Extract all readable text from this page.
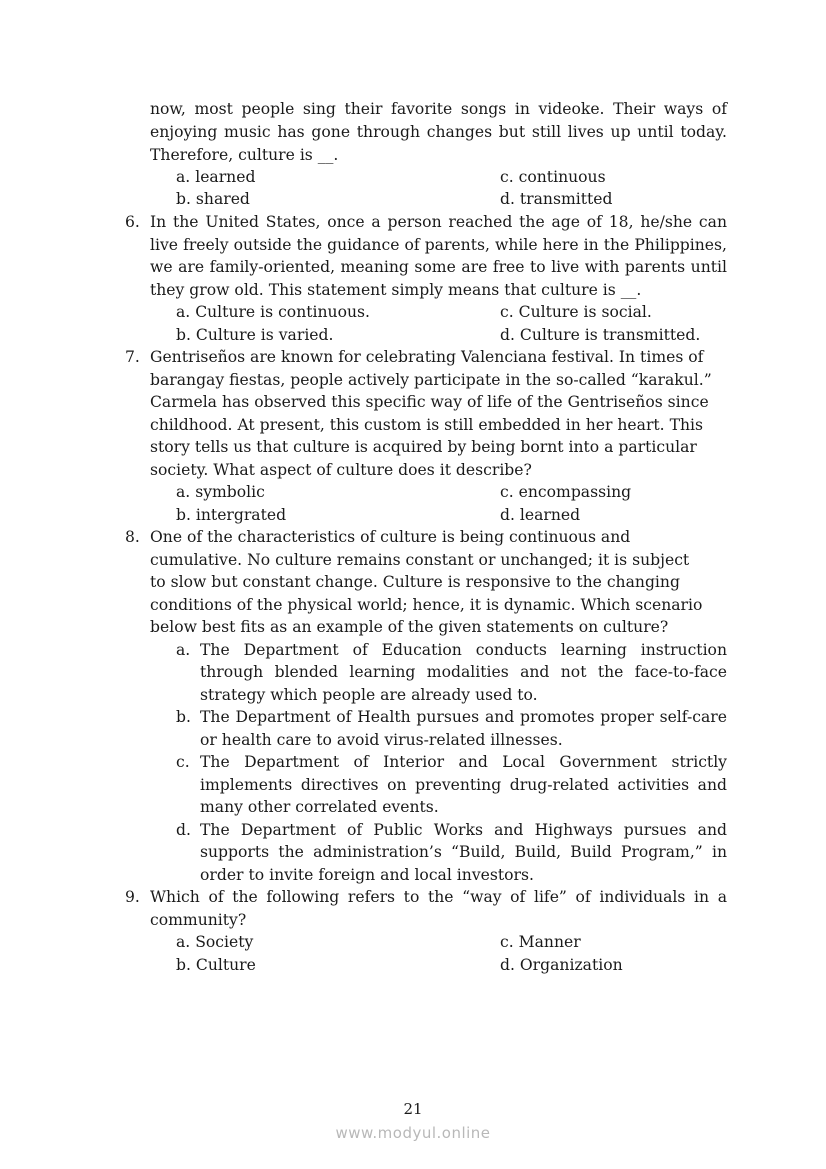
now, most people sing their favorite songs in videoke. Their ways of
enjoying music has gone through changes but still lives up until today.
Therefore, culture is __.
a. learned	c. continuous
b. shared	d. transmitted
6. In the United States, once a person reached the age of 18, he/she can
live freely outside the guidance of parents, while here in the Philippines,
we are family-oriented, meaning some are free to live with parents until
they grow old. This statement simply means that culture is __.
a. Culture is continuous.	c. Culture is social.
b. Culture is varied.	d. Culture is transmitted.
7. Gentriseños are known for celebrating Valenciana festival. In times of
barangay fiestas, people actively participate in the so-called “karakul.”
Carmela has observed this specific way of life of the Gentriseños since
childhood. At present, this custom is still embedded in her heart. This
story tells us that culture is acquired by being bornt into a particular
society. What aspect of culture does it describe?
a. symbolic	c. encompassing
b. intergrated	d. learned
8. One of the characteristics of culture is being continuous and
cumulative. No culture remains constant or unchanged; it is subject
to slow but constant change. Culture is responsive to the changing
conditions of the physical world; hence, it is dynamic. Which scenario
below best fits as an example of the given statements on culture?
a. The Department of Education conducts learning instruction
through blended learning modalities and not the face-to-face
strategy which people are already used to.
b. The Department of Health pursues and promotes proper self-care
or health care to avoid virus-related illnesses.
c. The Department of Interior and Local Government strictly
implements directives on preventing drug-related activities and
many other correlated events.
d. The Department of Public Works and Highways pursues and
supports the administration’s “Build, Build, Build Program,” in
order to invite foreign and local investors.
9. Which of the following refers to the “way of life” of individuals in a
community?
a. Society	c. Manner
b. Culture	d. Organization
21
www.modyul.online
